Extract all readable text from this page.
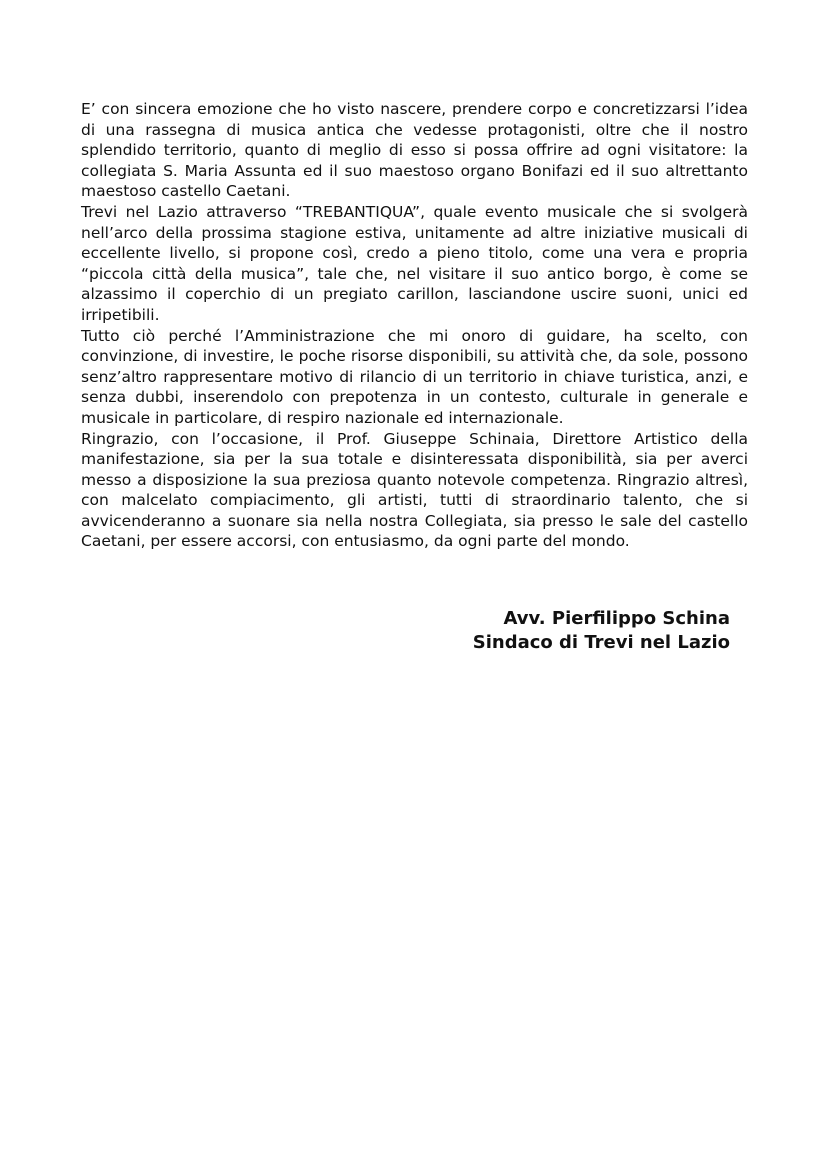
E’ con sincera emozione che ho visto nascere, prendere corpo e concretizzarsi l’idea di una rassegna di musica antica che vedesse protagonisti, oltre che il nostro splendido territorio, quanto di meglio di esso si possa offrire ad ogni visitatore: la collegiata S. Maria Assunta ed il suo maestoso organo Bonifazi ed il suo altrettanto maestoso castello Caetani.

Trevi nel Lazio attraverso “TREBANTIQUA”, quale evento musicale che si svolgerà nell’arco della prossima stagione estiva, unitamente ad altre iniziative musicali di eccellente livello, si propone così, credo a pieno titolo, come una vera e propria “piccola città della musica”, tale che, nel visitare il suo antico borgo, è come se alzassimo il coperchio di un pregiato carillon, lasciandone uscire suoni, unici ed irripetibili.

Tutto ciò perché l’Amministrazione che mi onoro di guidare, ha scelto, con convinzione, di investire, le poche risorse disponibili, su attività che, da sole, possono senz’altro rappresentare motivo di rilancio di un territorio in chiave turistica, anzi, e senza dubbi, inserendolo con prepotenza in un contesto, culturale in generale e musicale in particolare, di respiro nazionale ed internazionale.

Ringrazio, con l’occasione, il Prof. Giuseppe Schinaia, Direttore Artistico della manifestazione, sia per la sua totale e disinteressata disponibilità, sia per averci messo a disposizione la sua preziosa quanto notevole competenza. Ringrazio altresì, con malcelato compiacimento, gli artisti, tutti di straordinario talento, che si avvicenderanno a suonare sia nella nostra Collegiata, sia presso le sale del castello Caetani, per essere accorsi, con entusiasmo, da ogni parte del mondo.

Avv. Pierfilippo Schina
Sindaco di Trevi nel Lazio
